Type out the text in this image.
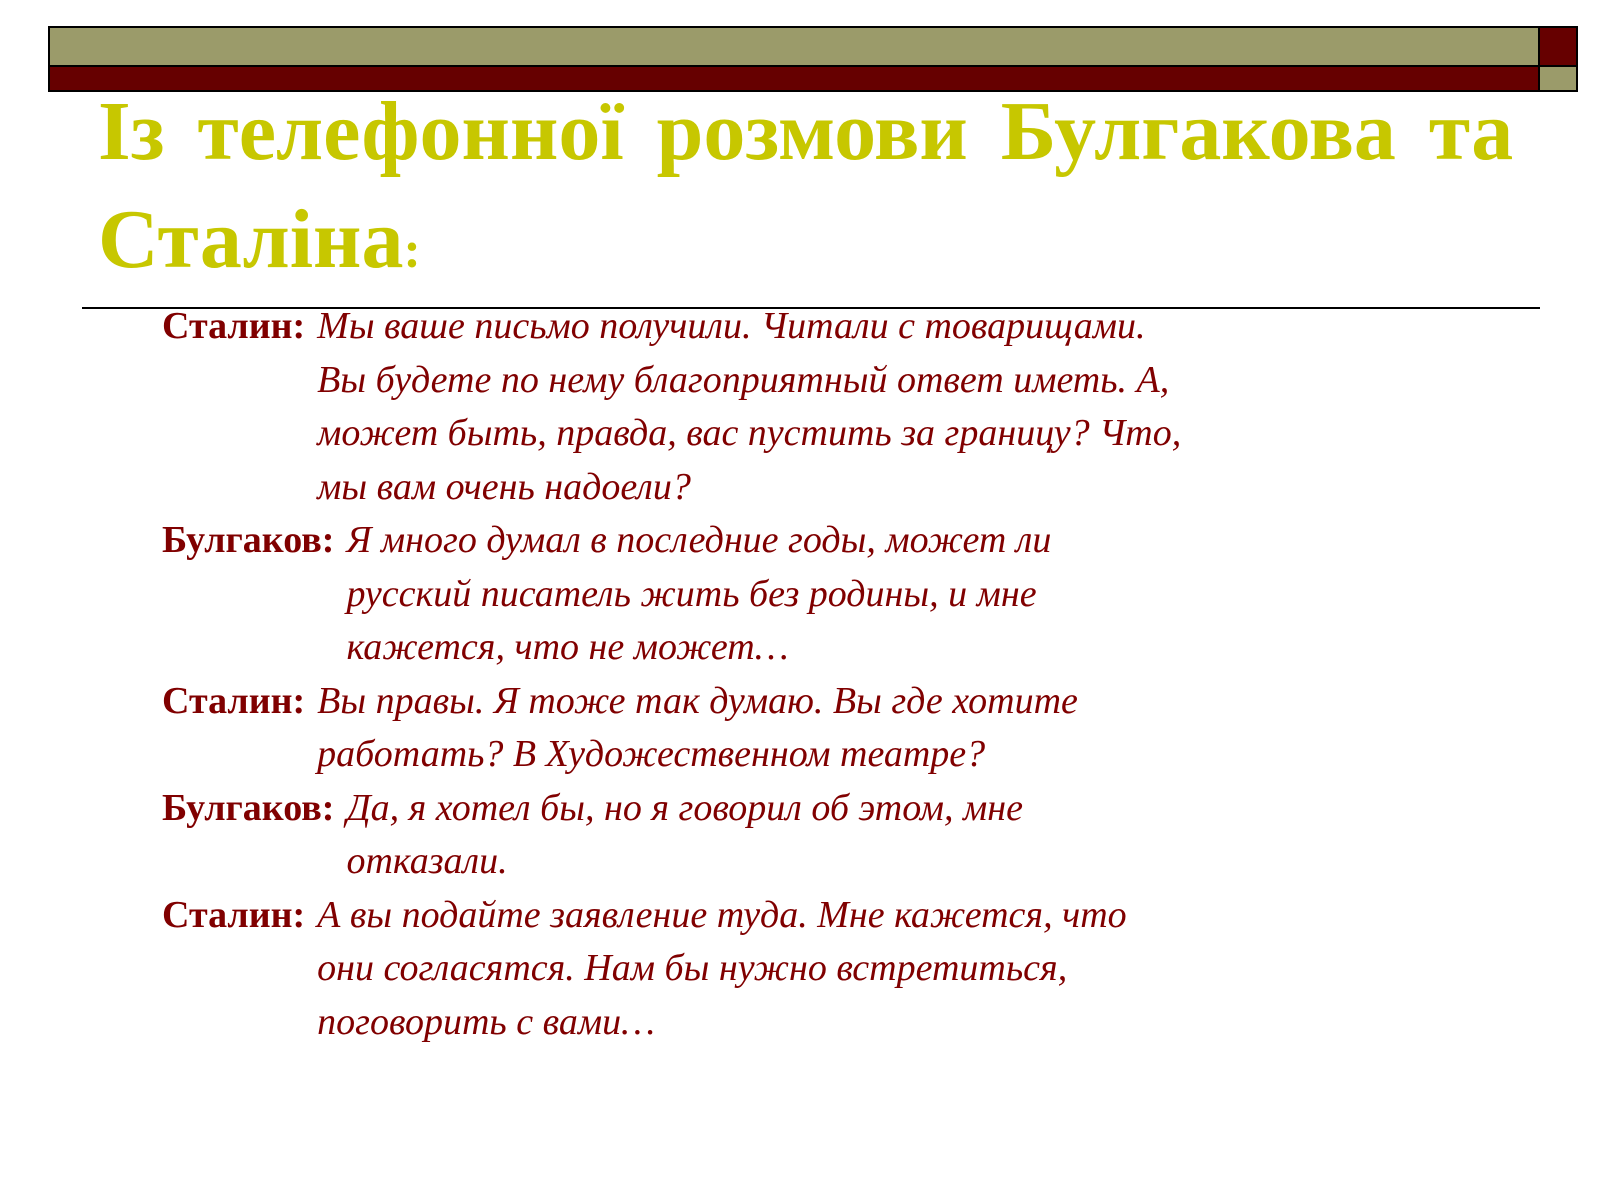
Із телефонної розмови Булгакова та Сталіна:
Сталин: Мы ваше письмо получили. Читали с товарищами.
Вы будете по нему благоприятный ответ иметь. А,
может быть, правда, вас пустить за границу? Что,
мы вам очень надоели?
Булгаков: Я много думал в последние годы, может ли
русский писатель жить без родины, и мне
кажется, что не может…
Сталин: Вы правы. Я тоже так думаю. Вы где хотите
работать? В Художественном театре?
Булгаков: Да, я хотел бы, но я говорил об этом, мне
отказали.
Сталин: А вы подайте заявление туда. Мне кажется, что
они согласятся. Нам бы нужно встретиться,
поговорить с вами…
